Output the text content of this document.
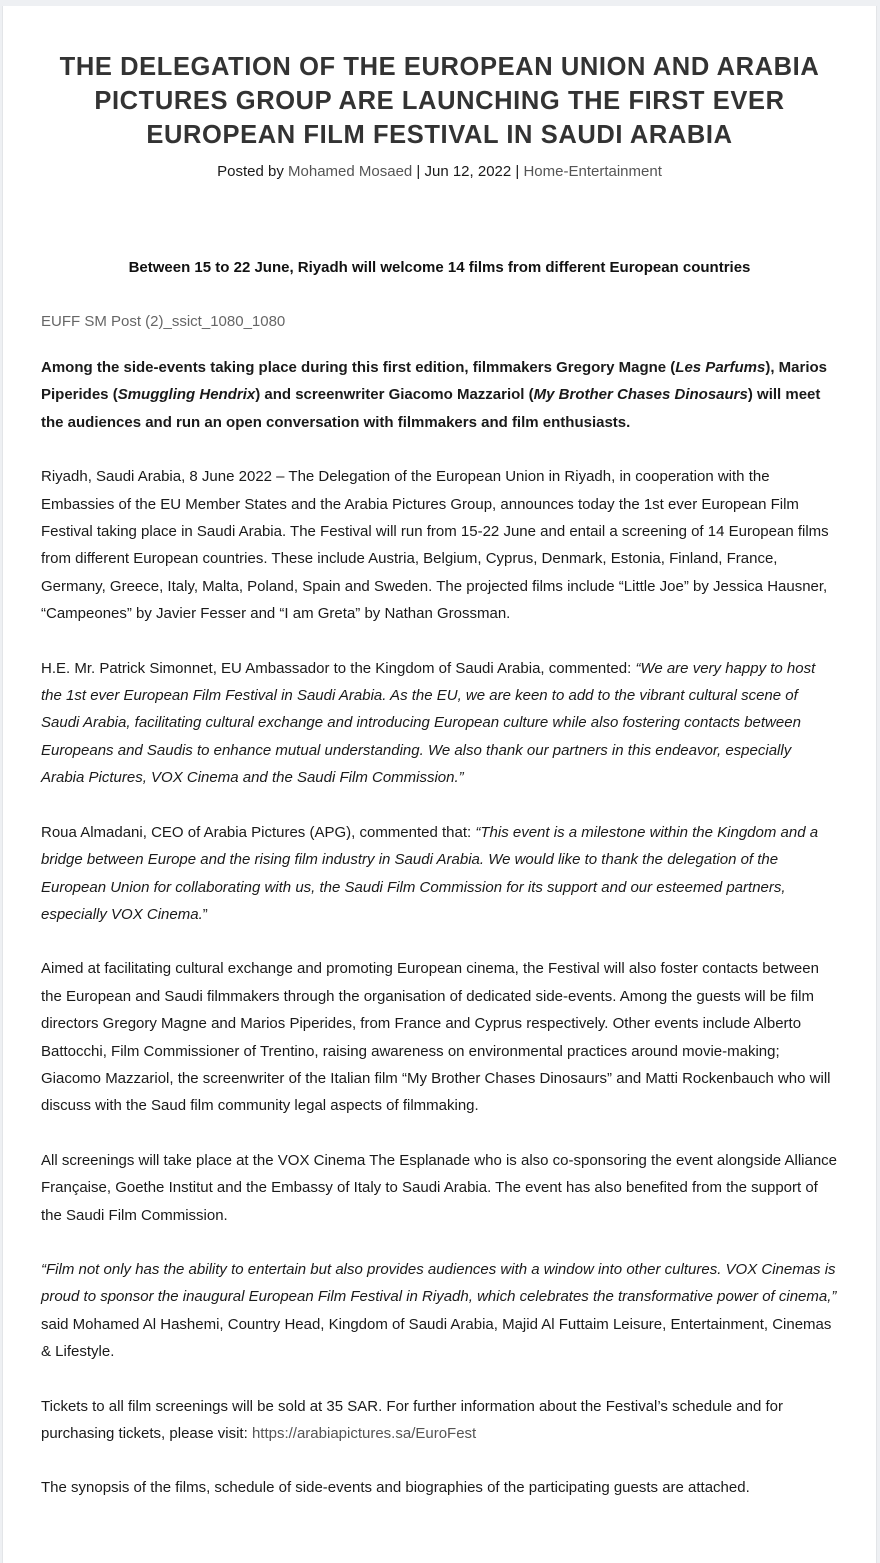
THE DELEGATION OF THE EUROPEAN UNION AND ARABIA PICTURES GROUP ARE LAUNCHING THE FIRST EVER EUROPEAN FILM FESTIVAL IN SAUDI ARABIA
Posted by Mohamed Mosaed | Jun 12, 2022 | Home-Entertainment
Between 15 to 22 June, Riyadh will welcome 14 films from different European countries
EUFF SM Post (2)_ssict_1080_1080

Among the side-events taking place during this first edition, filmmakers Gregory Magne (Les Parfums), Marios Piperides (Smuggling Hendrix) and screenwriter Giacomo Mazzariol (My Brother Chases Dinosaurs) will meet the audiences and run an open conversation with filmmakers and film enthusiasts.

Riyadh, Saudi Arabia, 8 June 2022 – The Delegation of the European Union in Riyadh, in cooperation with the Embassies of the EU Member States and the Arabia Pictures Group, announces today the 1st ever European Film Festival taking place in Saudi Arabia. The Festival will run from 15-22 June and entail a screening of 14 European films from different European countries. These include Austria, Belgium, Cyprus, Denmark, Estonia, Finland, France, Germany, Greece, Italy, Malta, Poland, Spain and Sweden. The projected films include “Little Joe” by Jessica Hausner, “Campeones” by Javier Fesser and “I am Greta” by Nathan Grossman.

H.E. Mr. Patrick Simonnet, EU Ambassador to the Kingdom of Saudi Arabia, commented: “We are very happy to host the 1st ever European Film Festival in Saudi Arabia. As the EU, we are keen to add to the vibrant cultural scene of Saudi Arabia, facilitating cultural exchange and introducing European culture while also fostering contacts between Europeans and Saudis to enhance mutual understanding. We also thank our partners in this endeavor, especially Arabia Pictures, VOX Cinema and the Saudi Film Commission.”

Roua Almadani, CEO of Arabia Pictures (APG), commented that: “This event is a milestone within the Kingdom and a bridge between Europe and the rising film industry in Saudi Arabia. We would like to thank the delegation of the European Union for collaborating with us, the Saudi Film Commission for its support and our esteemed partners, especially VOX Cinema.”

Aimed at facilitating cultural exchange and promoting European cinema, the Festival will also foster contacts between the European and Saudi filmmakers through the organisation of dedicated side-events. Among the guests will be film directors Gregory Magne and Marios Piperides, from France and Cyprus respectively. Other events include Alberto Battocchi, Film Commissioner of Trentino, raising awareness on environmental practices around movie-making; Giacomo Mazzariol, the screenwriter of the Italian film “My Brother Chases Dinosaurs” and Matti Rockenbauch who will discuss with the Saud film community legal aspects of filmmaking.

All screenings will take place at the VOX Cinema The Esplanade who is also co-sponsoring the event alongside Alliance Française, Goethe Institut and the Embassy of Italy to Saudi Arabia. The event has also benefited from the support of the Saudi Film Commission.

“Film not only has the ability to entertain but also provides audiences with a window into other cultures. VOX Cinemas is proud to sponsor the inaugural European Film Festival in Riyadh, which celebrates the transformative power of cinema,” said Mohamed Al Hashemi, Country Head, Kingdom of Saudi Arabia, Majid Al Futtaim Leisure, Entertainment, Cinemas & Lifestyle.

Tickets to all film screenings will be sold at 35 SAR. For further information about the Festival’s schedule and for purchasing tickets, please visit: https://arabiapictures.sa/EuroFest

The synopsis of the films, schedule of side-events and biographies of the participating guests are attached.
